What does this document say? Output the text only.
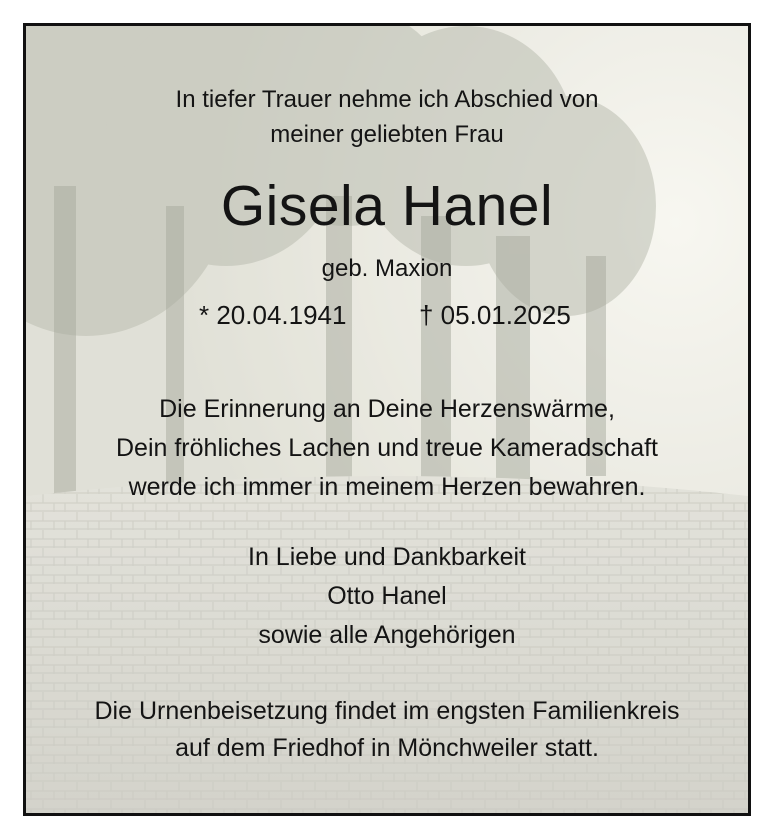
In tiefer Trauer nehme ich Abschied von
meiner geliebten Frau
Gisela Hanel
geb. Maxion
* 20.04.1941	† 05.01.2025
Die Erinnerung an Deine Herzenswärme,
Dein fröhliches Lachen und treue Kameradschaft
werde ich immer in meinem Herzen bewahren.
In Liebe und Dankbarkeit
Otto Hanel
sowie alle Angehörigen
Die Urnenbeisetzung findet im engsten Familienkreis
auf dem Friedhof in Mönchweiler statt.
